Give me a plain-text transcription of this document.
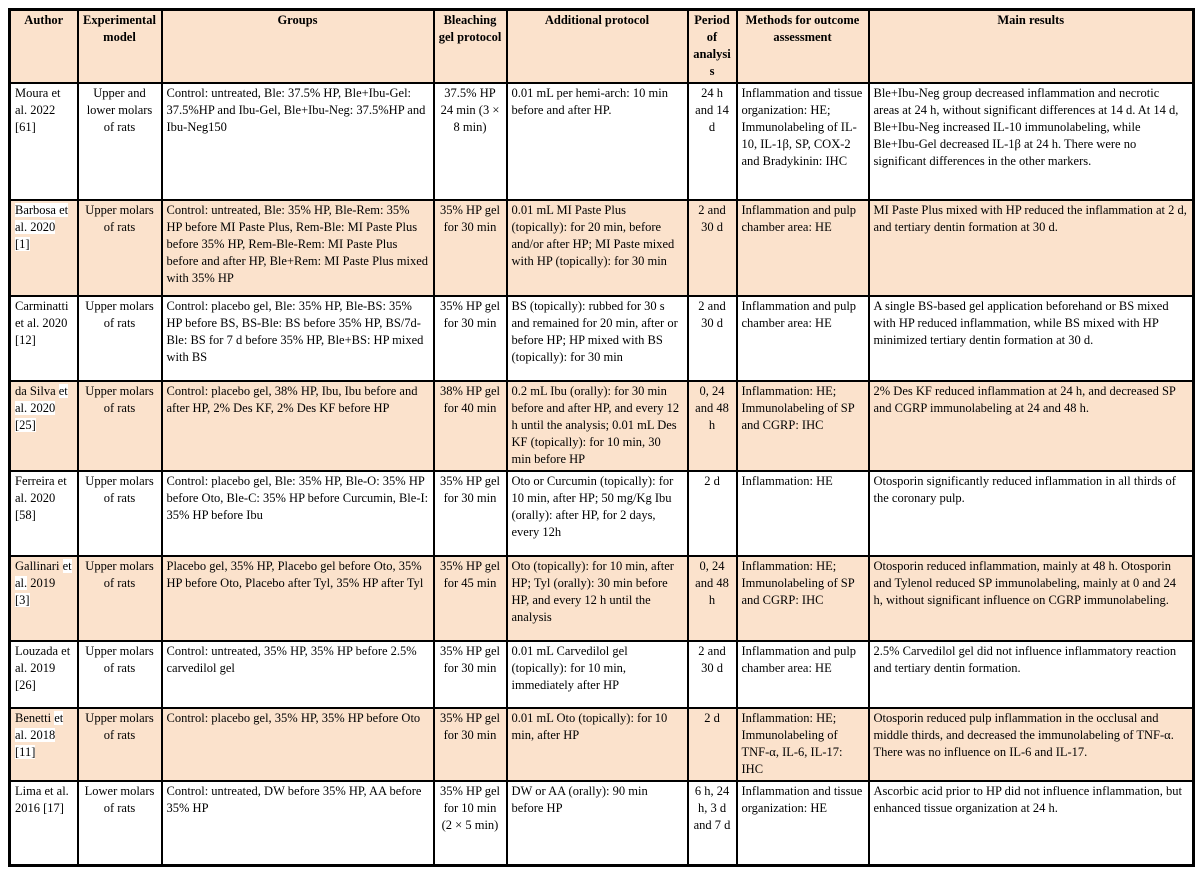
Author	Experimental model	Groups	Bleaching gel protocol	Additional protocol	Period of analysis	Methods for outcome assessment	Main results
Moura et al. 2022 [61]	Upper and lower molars of rats	Control: untreated, Ble: 37.5% HP, Ble+Ibu-Gel: 37.5%HP and Ibu-Gel, Ble+Ibu-Neg: 37.5%HP and Ibu-Neg150	37.5% HP 24 min (3 × 8 min)	0.01 mL per hemi-arch: 10 min before and after HP.	24 h and 14 d	Inflammation and tissue organization: HE; Immunolabeling of IL-10, IL-1β, SP, COX-2 and Bradykinin: IHC	Ble+Ibu-Neg group decreased inflammation and necrotic areas at 24 h, without significant differences at 14 d. At 14 d, Ble+Ibu-Neg increased IL-10 immunolabeling, while Ble+Ibu-Gel decreased IL-1β at 24 h. There were no significant differences in the other markers.
Barbosa et al. 2020 [1]	Upper molars of rats	Control: untreated, Ble: 35% HP, Ble-Rem: 35% HP before MI Paste Plus, Rem-Ble: MI Paste Plus before 35% HP, Rem-Ble-Rem: MI Paste Plus before and after HP, Ble+Rem: MI Paste Plus mixed with 35% HP	35% HP gel for 30 min	0.01 mL MI Paste Plus (topically): for 20 min, before and/or after HP; MI Paste mixed with HP (topically): for 30 min	2 and 30 d	Inflammation and pulp chamber area: HE	MI Paste Plus mixed with HP reduced the inflammation at 2 d, and tertiary dentin formation at 30 d.
Carminatti et al. 2020 [12]	Upper molars of rats	Control: placebo gel, Ble: 35% HP, Ble-BS: 35% HP before BS, BS-Ble: BS before 35% HP, BS/7d-Ble: BS for 7 d before 35% HP, Ble+BS: HP mixed with BS	35% HP gel for 30 min	BS (topically): rubbed for 30 s and remained for 20 min, after or before HP; HP mixed with BS (topically): for 30 min	2 and 30 d	Inflammation and pulp chamber area: HE	A single BS-based gel application beforehand or BS mixed with HP reduced inflammation, while BS mixed with HP minimized tertiary dentin formation at 30 d.
da Silva et al. 2020 [25]	Upper molars of rats	Control: placebo gel, 38% HP, Ibu, Ibu before and after HP, 2% Des KF, 2% Des KF before HP	38% HP gel for 40 min	0.2 mL Ibu (orally): for 30 min before and after HP, and every 12 h until the analysis; 0.01 mL Des KF (topically): for 10 min, 30 min before HP	0, 24 and 48 h	Inflammation: HE; Immunolabeling of SP and CGRP: IHC	2% Des KF reduced inflammation at 24 h, and decreased SP and CGRP immunolabeling at 24 and 48 h.
Ferreira et al. 2020 [58]	Upper molars of rats	Control: placebo gel, Ble: 35% HP, Ble-O: 35% HP before Oto, Ble-C: 35% HP before Curcumin, Ble-I: 35% HP before Ibu	35% HP gel for 30 min	Oto or Curcumin (topically): for 10 min, after HP; 50 mg/Kg Ibu (orally): after HP, for 2 days, every 12h	2 d	Inflammation: HE	Otosporin significantly reduced inflammation in all thirds of the coronary pulp.
Gallinari et al. 2019 [3]	Upper molars of rats	Placebo gel, 35% HP, Placebo gel before Oto, 35% HP before Oto, Placebo after Tyl, 35% HP after Tyl	35% HP gel for 45 min	Oto (topically): for 10 min, after HP; Tyl (orally): 30 min before HP, and every 12 h until the analysis	0, 24 and 48 h	Inflammation: HE; Immunolabeling of SP and CGRP: IHC	Otosporin reduced inflammation, mainly at 48 h. Otosporin and Tylenol reduced SP immunolabeling, mainly at 0 and 24 h, without significant influence on CGRP immunolabeling.
Louzada et al. 2019 [26]	Upper molars of rats	Control: untreated, 35% HP, 35% HP before 2.5% carvedilol gel	35% HP gel for 30 min	0.01 mL Carvedilol gel (topically): for 10 min, immediately after HP	2 and 30 d	Inflammation and pulp chamber area: HE	2.5% Carvedilol gel did not influence inflammatory reaction and tertiary dentin formation.
Benetti et al. 2018 [11]	Upper molars of rats	Control: placebo gel, 35% HP, 35% HP before Oto	35% HP gel for 30 min	0.01 mL Oto (topically): for 10 min, after HP	2 d	Inflammation: HE; Immunolabeling of TNF-α, IL-6, IL-17: IHC	Otosporin reduced pulp inflammation in the occlusal and middle thirds, and decreased the immunolabeling of TNF-α. There was no influence on IL-6 and IL-17.
Lima et al. 2016 [17]	Lower molars of rats	Control: untreated, DW before 35% HP, AA before 35% HP	35% HP gel for 10 min (2 × 5 min)	DW or AA (orally): 90 min before HP	6 h, 24 h, 3 d and 7 d	Inflammation and tissue organization: HE	Ascorbic acid prior to HP did not influence inflammation, but enhanced tissue organization at 24 h.
